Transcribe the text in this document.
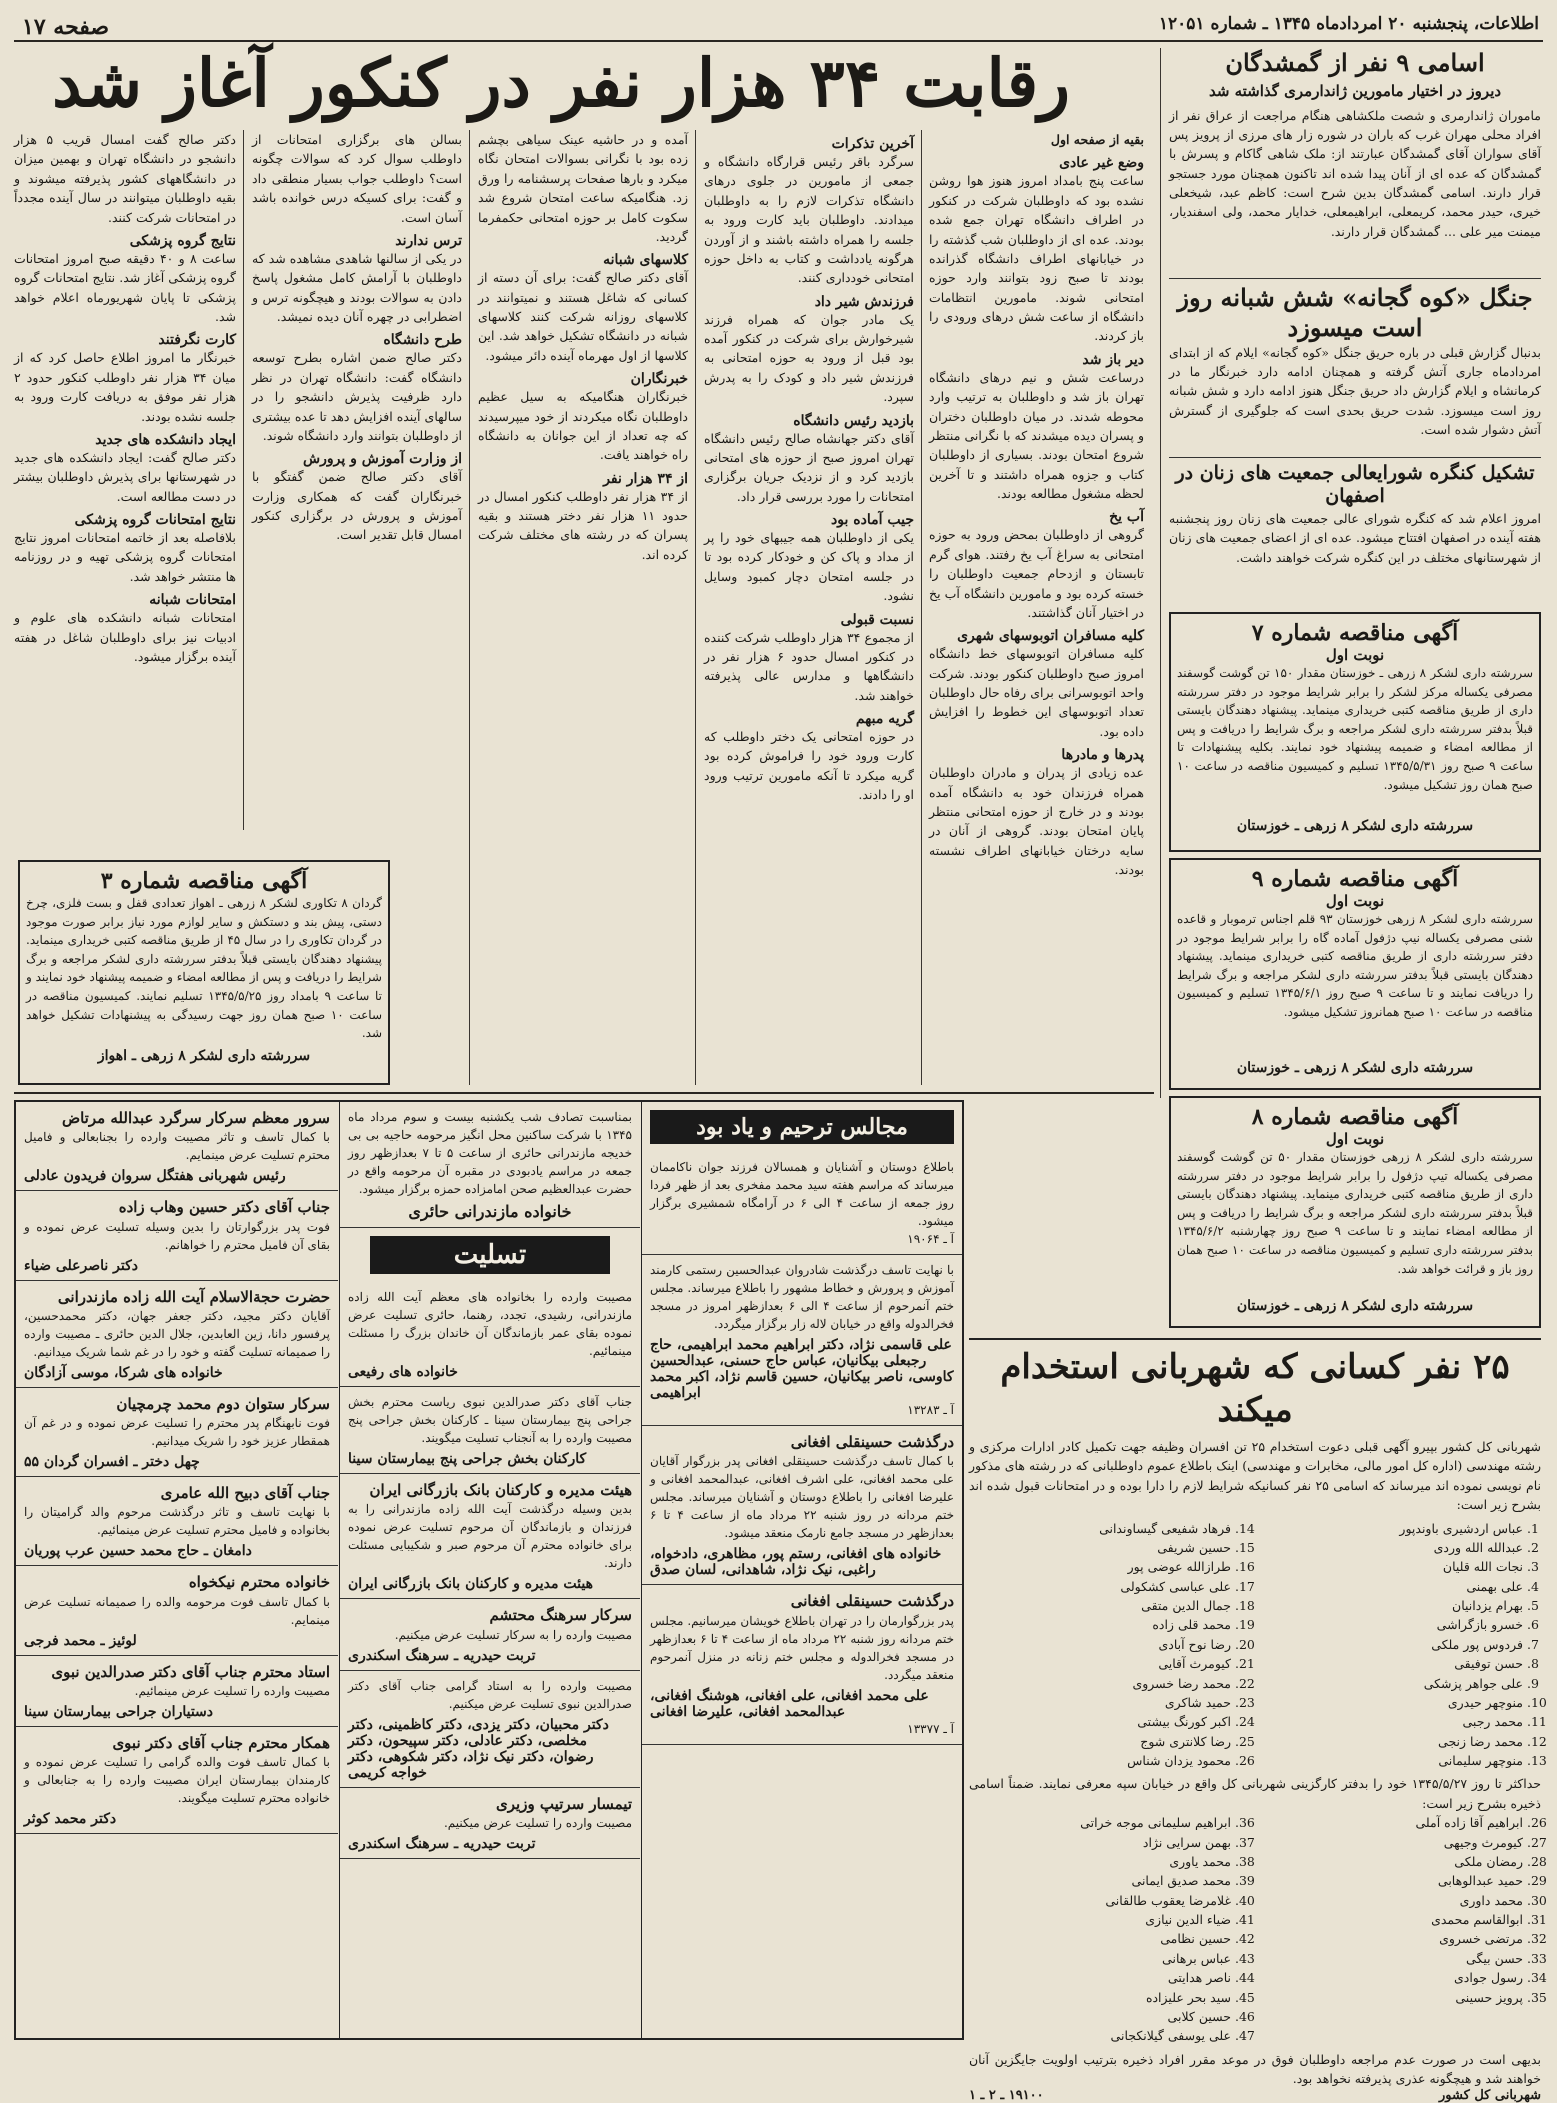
اطلاعات، پنجشنبه ۲۰ امردادماه ۱۳۴۵ ـ شماره ۱۲۰۵۱
صفحه ۱۷
رقابت ۳۴ هزار نفر در کنکور آغاز شد	اسامی ۹ نفر از گمشدگان
دیروز در اختیار مامورین ژاندارمری گذاشته شد
ماموران ژاندارمری و شصت ملکشاهی هنگام مراجعت از عراق نفر از افراد محلی مهران غرب که باران در شوره زار های مرزی از پرویز پس آقای سواران آقای گمشدگان عبارتند از: ملک شاهی گاکام و پسرش با گمشدگان که عده ای از آنان پیدا شده اند تاکنون همچنان مورد جستجو قرار دارند. اسامی گمشدگان بدین شرح است: کاظم عبد، شیخعلی خیری، حیدر محمد، کریمعلی، ابراهیمعلی، خدایار محمد، ولی اسفندیار، میمنت میر علی ... گمشدگان قرار دارند.
جنگل «کوه گجانه» شش شبانه روز است میسوزد
بدنبال گزارش قبلی در باره حریق جنگل «کوه گجانه» ایلام که از ابتدای امردادماه جاری آتش گرفته و همچنان ادامه دارد خبرنگار ما در کرمانشاه و ایلام گزارش داد حریق جنگل هنوز ادامه دارد و شش شبانه روز است میسوزد. شدت حریق بحدی است که جلوگیری از گسترش آتش دشوار شده است.
تشکیل کنگره شورایعالی جمعیت های زنان در اصفهان
امروز اعلام شد که کنگره شورای عالی جمعیت های زنان روز پنجشنبه هفته آینده در اصفهان افتتاح میشود. عده ای از اعضای جمعیت های زنان از شهرستانهای مختلف در این کنگره شرکت خواهند داشت.
آگهی مناقصه شماره ۷
نوبت اول
سررشته داری لشکر ۸ زرهی ـ خوزستان مقدار ۱۵۰ تن گوشت گوسفند مصرفی یکساله مرکز لشکر را برابر شرایط موجود در دفتر سررشته داری از طریق مناقصه کتبی خریداری مینماید. پیشنهاد دهندگان بایستی قبلاً بدفتر سررشته داری لشکر مراجعه و برگ شرایط را دریافت و پس از مطالعه امضاء و ضمیمه پیشنهاد خود نمایند. بکلیه پیشنهادات تا ساعت ۹ صبح روز ۱۳۴۵/۵/۳۱ تسلیم و کمیسیون مناقصه در ساعت ۱۰ صبح همان روز تشکیل میشود.
سررشته داری لشکر ۸ زرهی ـ خوزستان
آگهی مناقصه شماره ۹
نوبت اول
سررشته داری لشکر ۸ زرهی خوزستان ۹۳ قلم اجناس ترموبار و قاعده شنی مصرفی یکساله نیپ دژفول آماده گاه را برابر شرایط موجود در دفتر سررشته داری از طریق مناقصه کتبی خریداری مینماید. پیشنهاد دهندگان بایستی قبلاً بدفتر سررشته داری لشکر مراجعه و برگ شرایط را دریافت نمایند و تا ساعت ۹ صبح روز ۱۳۴۵/۶/۱ تسلیم و کمیسیون مناقصه در ساعت ۱۰ صبح همانروز تشکیل میشود.
سررشته داری لشکر ۸ زرهی ـ خوزستان
آگهی مناقصه شماره ۸
نوبت اول
سررشته داری لشکر ۸ زرهی خوزستان مقدار ۵۰ تن گوشت گوسفند مصرفی یکساله تیپ دژفول را برابر شرایط موجود در دفتر سررشته داری از طریق مناقصه کتبی خریداری مینماید. پیشنهاد دهندگان بایستی قبلاً بدفتر سررشته داری لشکر مراجعه و برگ شرایط را دریافت و پس از مطالعه امضاء نمایند و تا ساعت ۹ صبح روز چهارشنبه ۱۳۴۵/۶/۲ بدفتر سررشته داری تسلیم و کمیسیون مناقصه در ساعت ۱۰ صبح همان روز باز و قرائت خواهد شد.
سررشته داری لشکر ۸ زرهی ـ خوزستان
بقیه از صفحه اول
وضع غیر عادی
ساعت پنج بامداد امروز هنوز هوا روشن نشده بود که داوطلبان شرکت در کنکور در اطراف دانشگاه تهران جمع شده بودند. عده ای از داوطلبان شب گذشته را در خیابانهای اطراف دانشگاه گذرانده بودند تا صبح زود بتوانند وارد حوزه امتحانی شوند. مامورین انتظامات دانشگاه از ساعت شش درهای ورودی را باز کردند.
دیر باز شد
درساعت شش و نیم درهای دانشگاه تهران باز شد و داوطلبان به ترتیب وارد محوطه شدند. در میان داوطلبان دختران و پسران دیده میشدند که با نگرانی منتظر شروع امتحان بودند. بسیاری از داوطلبان کتاب و جزوه همراه داشتند و تا آخرین لحظه مشغول مطالعه بودند.
آب یخ
گروهی از داوطلبان بمحض ورود به حوزه امتحانی به سراغ آب یخ رفتند. هوای گرم تابستان و ازدحام جمعیت داوطلبان را خسته کرده بود و مامورین دانشگاه آب یخ در اختیار آنان گذاشتند.
کلیه مسافران اتوبوسهای شهری
کلیه مسافران اتوبوسهای خط دانشگاه امروز صبح داوطلبان کنکور بودند. شرکت واحد اتوبوسرانی برای رفاه حال داوطلبان تعداد اتوبوسهای این خطوط را افزایش داده بود.
پدرها و مادرها
عده زیادی از پدران و مادران داوطلبان همراه فرزندان خود به دانشگاه آمده بودند و در خارج از حوزه امتحانی منتظر پایان امتحان بودند. گروهی از آنان در سایه درختان خیابانهای اطراف نشسته بودند.
آخرین تذکرات
سرگرد باقر رئیس قرارگاه دانشگاه و جمعی از مامورین در جلوی درهای دانشگاه تذکرات لازم را به داوطلبان میدادند. داوطلبان باید کارت ورود به جلسه را همراه داشته باشند و از آوردن هرگونه یادداشت و کتاب به داخل حوزه امتحانی خودداری کنند.
فرزندش شیر داد
یک مادر جوان که همراه فرزند شیرخوارش برای شرکت در کنکور آمده بود قبل از ورود به حوزه امتحانی به فرزندش شیر داد و کودک را به پدرش سپرد.
بازدید رئیس دانشگاه
آقای دکتر جهانشاه صالح رئیس دانشگاه تهران امروز صبح از حوزه های امتحانی بازدید کرد و از نزدیک جریان برگزاری امتحانات را مورد بررسی قرار داد.
جیب آماده بود
یکی از داوطلبان همه جیبهای خود را پر از مداد و پاک کن و خودکار کرده بود تا در جلسه امتحان دچار کمبود وسایل نشود.
نسبت قبولی
از مجموع ۳۴ هزار داوطلب شرکت کننده در کنکور امسال حدود ۶ هزار نفر در دانشگاهها و مدارس عالی پذیرفته خواهند شد.
گریه مبهم
در حوزه امتحانی یک دختر داوطلب که کارت ورود خود را فراموش کرده بود گریه میکرد تا آنکه مامورین ترتیب ورود او را دادند.
آمده و در حاشیه عینک سیاهی بچشم زده بود با نگرانی بسوالات امتحان نگاه میکرد و بارها صفحات پرسشنامه را ورق زد. هنگامیکه ساعت امتحان شروع شد سکوت کامل بر حوزه امتحانی حکمفرما گردید.
کلاسهای شبانه
آقای دکتر صالح گفت: برای آن دسته از کسانی که شاغل هستند و نمیتوانند در کلاسهای روزانه شرکت کنند کلاسهای شبانه در دانشگاه تشکیل خواهد شد. این کلاسها از اول مهرماه آینده دائر میشود.
خبرنگاران
خبرنگاران هنگامیکه به سیل عظیم داوطلبان نگاه میکردند از خود میپرسیدند که چه تعداد از این جوانان به دانشگاه راه خواهند یافت.
از ۳۴ هزار نفر
از ۳۴ هزار نفر داوطلب کنکور امسال در حدود ۱۱ هزار نفر دختر هستند و بقیه پسران که در رشته های مختلف شرکت کرده اند.
بسالن های برگزاری امتحانات از داوطلب سوال کرد که سوالات چگونه است؟ داوطلب جواب بسیار منطقی داد و گفت: برای کسیکه درس خوانده باشد آسان است.
ترس ندارند
در یکی از سالنها شاهدی مشاهده شد که داوطلبان با آرامش کامل مشغول پاسخ دادن به سوالات بودند و هیچگونه ترس و اضطرابی در چهره آنان دیده نمیشد.
طرح دانشگاه
دکتر صالح ضمن اشاره بطرح توسعه دانشگاه گفت: دانشگاه تهران در نظر دارد ظرفیت پذیرش دانشجو را در سالهای آینده افزایش دهد تا عده بیشتری از داوطلبان بتوانند وارد دانشگاه شوند.
از وزارت آموزش و پرورش
آقای دکتر صالح ضمن گفتگو با خبرنگاران گفت که همکاری وزارت آموزش و پرورش در برگزاری کنکور امسال قابل تقدیر است.
دکتر صالح گفت امسال قریب ۵ هزار دانشجو در دانشگاه تهران و بهمین میزان در دانشگاههای کشور پذیرفته میشوند و بقیه داوطلبان میتوانند در سال آینده مجدداً در امتحانات شرکت کنند.
نتایج گروه پزشکی
ساعت ۸ و ۴۰ دقیقه صبح امروز امتحانات گروه پزشکی آغاز شد. نتایج امتحانات گروه پزشکی تا پایان شهریورماه اعلام خواهد شد.
کارت نگرفتند
خبرنگار ما امروز اطلاع حاصل کرد که از میان ۳۴ هزار نفر داوطلب کنکور حدود ۲ هزار نفر موفق به دریافت کارت ورود به جلسه نشده بودند.
ایجاد دانشکده های جدید
دکتر صالح گفت: ایجاد دانشکده های جدید در شهرستانها برای پذیرش داوطلبان بیشتر در دست مطالعه است.
نتایج امتحانات گروه پزشکی
بلافاصله بعد از خاتمه امتحانات امروز نتایج امتحانات گروه پزشکی تهیه و در روزنامه ها منتشر خواهد شد.
امتحانات شبانه
امتحانات شبانه دانشکده های علوم و ادبیات نیز برای داوطلبان شاغل در هفته آینده برگزار میشود.
آگهی مناقصه شماره ۳
گردان ۸ تکاوری لشکر ۸ زرهی ـ اهواز تعدادی قفل و بست فلزی، چرخ دستی، پیش بند و دستکش و سایر لوازم مورد نیاز برابر صورت موجود در گردان تکاوری را در سال ۴۵ از طریق مناقصه کتبی خریداری مینماید. پیشنهاد دهندگان بایستی قبلاً بدفتر سررشته داری لشکر مراجعه و برگ شرایط را دریافت و پس از مطالعه امضاء و ضمیمه پیشنهاد خود نمایند و تا ساعت ۹ بامداد روز ۱۳۴۵/۵/۲۵ تسلیم نمایند. کمیسیون مناقصه در ساعت ۱۰ صبح همان روز جهت رسیدگی به پیشنهادات تشکیل خواهد شد.
سررشته داری لشکر ۸ زرهی ـ اهواز
۲۵ نفر کسانی که شهربانی استخدام میکند
شهربانی کل کشور بپیرو آگهی قبلی دعوت استخدام ۲۵ تن افسران وظیفه جهت تکمیل کادر ادارات مرکزی و رشته مهندسی (اداره کل امور مالی، مخابرات و مهندسی) اینک باطلاع عموم داوطلبانی که در رشته های مذکور نام نویسی نموده اند میرساند که اسامی ۲۵ نفر کسانیکه شرایط لازم را دارا بوده و در امتحانات قبول شده اند بشرح زیر است:
1. عباس اردشیری باوندپور
2. عبدالله الله وردی
3. نجات الله قلیان
4. علی بهمنی
5. بهرام یزدانیان
6. خسرو بازگراشی
7. فردوس پور ملکی
8. حسن توفیقی
9. علی جواهر پزشکی
10. منوچهر حیدری
11. محمد رجبی
12. محمد رضا زنجی
13. منوچهر سلیمانی
14. فرهاد شفیعی گیساوندانی
15. حسین شریفی
16. طرازالله عوضی پور
17. علی عباسی کشکولی
18. جمال الدین متقی
19. محمد قلی زاده
20. رضا نوح آبادی
21. کیومرث آقایی
22. محمد رضا خسروی
23. حمید شاکری
24. اکبر کورنگ بیشتی
25. رضا کلانتری شوج
26. محمود یزدان شناس
حداکثر تا روز ۱۳۴۵/۵/۲۷ خود را بدفتر کارگزینی شهربانی کل واقع در خیابان سپه معرفی نمایند. ضمناً اسامی ذخیره بشرح زیر است:
26. ابراهیم آقا زاده آملی
27. کیومرث وجیهی
28. رمضان ملکی
29. حمید عبدالوهابی
30. محمد داوری
31. ابوالقاسم محمدی
32. مرتضی خسروی
33. حسن بیگی
34. رسول جوادی
35. پرویز حسینی
36. ابراهیم سلیمانی موجه خراتی
37. بهمن سرایی نژاد
38. محمد یاوری
39. محمد صدیق ایمانی
40. غلامرضا یعقوب طالقانی
41. ضیاء الدین نیازی
42. حسین نظامی
43. عباس برهانی
44. ناصر هدایتی
45. سید بحر علیزاده
46. حسین کلابی
47. علی یوسفی گیلانکجانی
بدیهی است در صورت عدم مراجعه داوطلبان فوق در موعد مقرر افراد ذخیره بترتیب اولویت جایگزین آنان خواهند شد و هیچگونه عذری پذیرفته نخواهد بود.
شهربانی کل کشور
۱۹۱۰۰ ـ ۲ ـ ۱
مجالس ترحیم و یاد بود
باطلاع دوستان و آشنایان و همسالان فرزند جوان ناکاممان میرساند که مراسم هفته سید محمد مفخری بعد از ظهر فردا روز جمعه از ساعت ۴ الی ۶ در آرامگاه شمشیری برگزار میشود.
آ ـ ۱۹۰۶۴
با نهایت تاسف درگذشت شادروان عبدالحسین رستمی کارمند آموزش و پرورش و خطاط مشهور را باطلاع میرساند. مجلس ختم آنمرحوم از ساعت ۴ الی ۶ بعدازظهر امروز در مسجد فخرالدوله واقع در خیابان لاله زار برگزار میگردد.
علی قاسمی نژاد، دکتر ابراهیم محمد ابراهیمی، حاج رجبعلی بیکانیان، عباس حاج حسنی، عبدالحسین کاوسی، ناصر بیکانیان، حسین قاسم نژاد، اکبر محمد ابراهیمی
آ ـ ۱۳۲۸۳
درگذشت حسینقلی افغانی
با کمال تاسف درگذشت حسینقلی افغانی پدر بزرگوار آقایان علی محمد افغانی، علی اشرف افغانی، عبدالمحمد افغانی و علیرضا افغانی را باطلاع دوستان و آشنایان میرساند. مجلس ختم مردانه در روز شنبه ۲۲ مرداد ماه از ساعت ۴ تا ۶ بعدازظهر در مسجد جامع نارمک منعقد میشود.
خانواده های افغانی، رستم پور، مظاهری، دادخواه، راغبی، نیک نژاد، شاهدانی، لسان صدق
درگذشت حسینقلی افغانی
پدر بزرگوارمان را در تهران باطلاع خویشان میرسانیم. مجلس ختم مردانه روز شنبه ۲۲ مرداد ماه از ساعت ۴ تا ۶ بعدازظهر در مسجد فخرالدوله و مجلس ختم زنانه در منزل آنمرحوم منعقد میگردد.
علی محمد افغانی، علی افغانی، هوشنگ افغانی، عبدالمحمد افغانی، علیرضا افغانی
آ ـ ۱۳۳۷۷
بمناسبت تصادف شب یکشنبه بیست و سوم مرداد ماه ۱۳۴۵ با شرکت ساکنین محل انگیز مرحومه حاجیه بی بی خدیجه مازندرانی حائری از ساعت ۵ تا ۷ بعدازظهر روز جمعه در مراسم یادبودی در مقبره آن مرحومه واقع در حضرت عبدالعظیم صحن امامزاده حمزه برگزار میشود.
خانواده مازندرانی حائری
تسلیت
مصیبت وارده را بخانواده های معظم آیت الله زاده مازندرانی، رشیدی، تجدد، رهنما، حائری تسلیت عرض نموده بقای عمر بازماندگان آن خاندان بزرگ را مسئلت مینمائیم.
خانواده های رفیعی
جناب آقای دکتر صدرالدین نبوی ریاست محترم بخش جراحی پنج بیمارستان سینا ـ کارکنان بخش جراحی پنج مصیبت وارده را به آنجناب تسلیت میگویند.
کارکنان بخش جراحی پنج بیمارستان سینا
هیئت مدیره و کارکنان بانک بازرگانی ایران
بدین وسیله درگذشت آیت الله زاده مازندرانی را به فرزندان و بازماندگان آن مرحوم تسلیت عرض نموده برای خانواده محترم آن مرحوم صبر و شکیبایی مسئلت دارند.
هیئت مدیره و کارکنان بانک بازرگانی ایران
سرکار سرهنگ محتشم
مصیبت وارده را به سرکار تسلیت عرض میکنیم.
تربت حیدریه ـ سرهنگ اسکندری
مصیبت وارده را به استاد گرامی جناب آقای دکتر صدرالدین نبوی تسلیت عرض میکنیم.
دکتر محبیان، دکتر یزدی، دکتر کاظمینی، دکتر مخلصی، دکتر عادلی، دکتر سپیحون، دکتر رضوان، دکتر نیک نژاد، دکتر شکوهی، دکتر خواجه کریمی
تیمسار سرتیپ وزیری
مصیبت وارده را تسلیت عرض میکنیم.
تربت حیدریه ـ سرهنگ اسکندری
سرور معظم سرکار سرگرد عبدالله مرتاض
با کمال تاسف و تاثر مصیبت وارده را بجنابعالی و فامیل محترم تسلیت عرض مینمایم.
رئیس شهربانی هفتگل سروان فریدون عادلی
جناب آقای دکتر حسین وهاب زاده
فوت پدر بزرگوارتان را بدین وسیله تسلیت عرض نموده و بقای آن فامیل محترم را خواهانم.
دکتر ناصرعلی ضیاء
حضرت حجةالاسلام آیت الله زاده مازندرانی
آقایان دکتر مجید، دکتر جعفر جهان، دکتر محمدحسین، پرفسور دانا، زین العابدین، جلال الدین حائری ـ مصیبت وارده را صمیمانه تسلیت گفته و خود را در غم شما شریک میدانیم.
خانواده های شرکا، موسی آزادگان
سرکار ستوان دوم محمد چرمچیان
فوت نابهنگام پدر محترم را تسلیت عرض نموده و در غم آن همقطار عزیز خود را شریک میدانیم.
چهل دختر ـ افسران گردان ۵۵
جناب آقای دبیح الله عامری
با نهایت تاسف و تاثر درگذشت مرحوم والد گرامیتان را بخانواده و فامیل محترم تسلیت عرض مینمائیم.
دامغان ـ حاج محمد حسین عرب پوریان
خانواده محترم نیکخواه
با کمال تاسف فوت مرحومه والده را صمیمانه تسلیت عرض مینمایم.
لوئیز ـ محمد فرجی
استاد محترم جناب آقای دکتر صدرالدین نبوی
مصیبت وارده را تسلیت عرض مینمائیم.
دستیاران جراحی بیمارستان سینا
همکار محترم جناب آقای دکتر نبوی
با کمال تاسف فوت والده گرامی را تسلیت عرض نموده و کارمندان بیمارستان ایران مصیبت وارده را به جنابعالی و خانواده محترم تسلیت میگویند.
دکتر محمد کوثر
